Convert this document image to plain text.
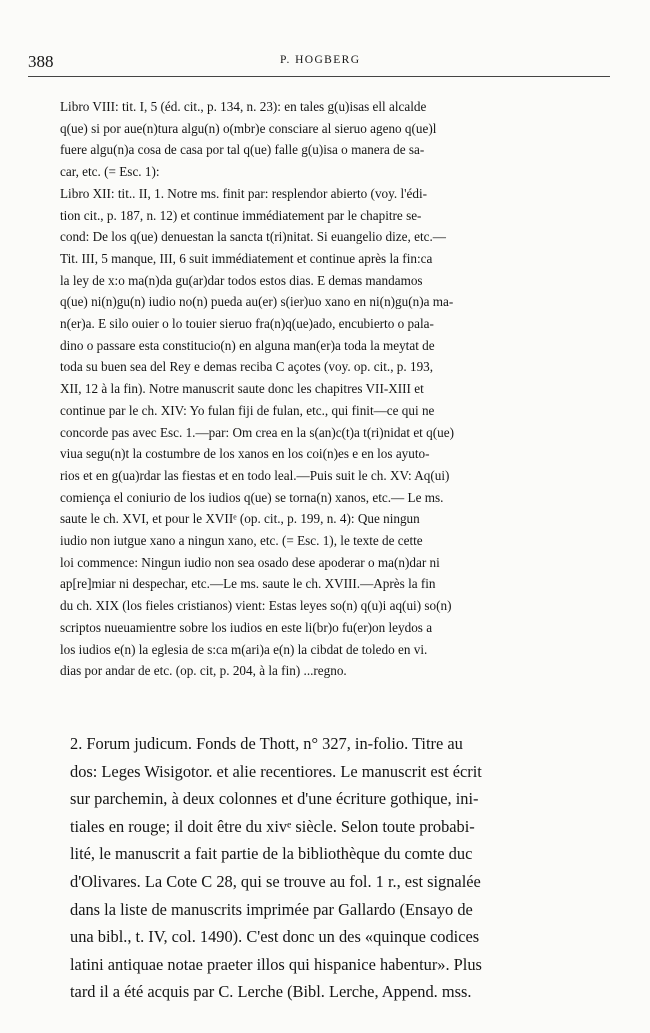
388	P. HOGBERG

Libro VIII: tit. I, 5 (éd. cit., p. 134, n. 23): en tales g(u)isas ell alcalde

q(ue) si por aue(n)tura algu(n) o(mbr)e consciare al sieruo ageno q(ue)l

fuere algu(n)a cosa de casa por tal q(ue) falle g(u)isa o manera de sa-

car, etc. (= Esc. 1):

Libro XII: tit.. II, 1. Notre ms. finit par: resplendor abierto (voy. l'édi-

tion cit., p. 187, n. 12) et continue immédiatement par le chapitre se-

cond: De los q(ue) denuestan la sancta t(ri)nitat. Si euangelio dize, etc.—

Tit. III, 5 manque, III, 6 suit immédiatement et continue après la fin:ca

la ley de x:o ma(n)da gu(ar)dar todos estos dias. E demas mandamos

q(ue) ni(n)gu(n) iudio no(n) pueda au(er) s(ier)uo xano en ni(n)gu(n)a ma-

n(er)a. E silo ouier o lo touier sieruo fra(n)q(ue)ado, encubierto o pala-

dino o passare esta constitucio(n) en alguna man(er)a toda la meytat de

toda su buen sea del Rey e demas reciba C açotes (voy. op. cit., p. 193,

XII, 12 à la fin). Notre manuscrit saute donc les chapitres VII-XIII et

continue par le ch. XIV: Yo fulan fiji de fulan, etc., qui finit—ce qui ne

concorde pas avec Esc. 1.—par: Om crea en la s(an)c(t)a t(ri)nidat et q(ue)

viua segu(n)t la costumbre de los xanos en los coi(n)es e en los ayuto-

rios et en g(ua)rdar las fiestas et en todo leal.—Puis suit le ch. XV: Aq(ui)

comiença el coniurio de los iudios q(ue) se torna(n) xanos, etc.— Le ms.

saute le ch. XVI, et pour le XVIIᵉ (op. cit., p. 199, n. 4): Que ningun

iudio non iutgue xano a ningun xano, etc. (= Esc. 1), le texte de cette

loi commence: Ningun iudio non sea osado dese apoderar o ma(n)dar ni

ap[re]miar ni despechar, etc.—Le ms. saute le ch. XVIII.—Après la fin

du ch. XIX (los fieles cristianos) vient: Estas leyes so(n) q(u)i aq(ui) so(n)

scriptos nueuamientre sobre los iudios en este li(br)o fu(er)on leydos a

los iudios e(n) la eglesia de s:ca m(ari)a e(n) la cibdat de toledo en vi.

dias por andar de etc. (op. cit, p. 204, à la fin) ...regno.

2. Forum judicum. Fonds de Thott, n° 327, in-folio. Titre au

dos: Leges Wisigotor. et alie recentiores. Le manuscrit est écrit

sur parchemin, à deux colonnes et d'une écriture gothique, ini-

tiales en rouge; il doit être du xivᵉ siècle. Selon toute probabi-

lité, le manuscrit a fait partie de la bibliothèque du comte duc

d'Olivares. La Cote C 28, qui se trouve au fol. 1 r., est signalée

dans la liste de manuscrits imprimée par Gallardo (Ensayo de

una bibl., t. IV, col. 1490). C'est donc un des «quinque codices

latini antiquae notae praeter illos qui hispanice habentur». Plus

tard il a été acquis par C. Lerche (Bibl. Lerche, Append. mss.
